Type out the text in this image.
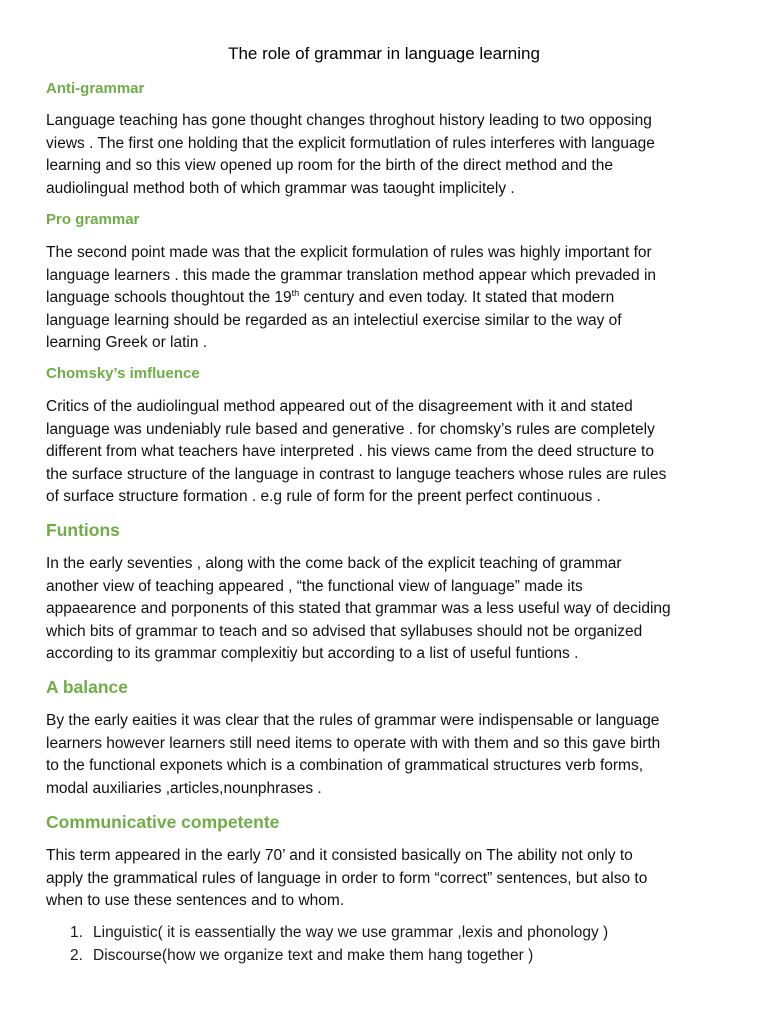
The role of grammar in language learning
Anti-grammar
Language teaching has gone thought changes throghout history leading to two opposing
views . The first one holding that the explicit formutlation of rules interferes with language
learning and so this view opened up room for the birth of the direct method and the
audiolingual method both of which grammar was taought implicitely .
Pro grammar
The second point made was that the explicit formulation of rules was highly important for
language learners . this made the grammar translation method appear which prevaded in
language schools thoughtout the 19th century and even today. It stated that modern
language learning should be regarded as an intelectiul exercise similar to the way of
learning Greek or latin .
Chomsky’s imfluence
Critics of the audiolingual method appeared out of the disagreement with it and stated
language was undeniably rule based and generative . for chomsky’s rules are completely
different from what teachers have interpreted . his views came from the deed structure to
the surface structure of the language in contrast to languge teachers whose rules are rules
of surface structure formation . e.g rule of form for the preent perfect continuous .
Funtions
In the early seventies , along with the come back of the explicit teaching of grammar
another view of teaching appeared , “the functional view of language” made its
appaearence and porponents of this stated that grammar was a less useful way of deciding
which bits of grammar to teach and so advised that syllabuses should not be organized
according to its grammar complexitiy but according to a list of useful funtions .
A balance
By the early eaities it was clear that the rules of grammar were indispensable or language
learners however learners still need items to operate with with them and so this gave birth
to the functional exponets which is a combination of grammatical structures verb forms,
modal auxiliaries ,articles,nounphrases .
Communicative competente
This term appeared in the early 70’ and it consisted basically on The ability not only to
apply the grammatical rules of language in order to form “correct” sentences, but also to
when to use these sentences and to whom.
1. Linguistic( it is eassentially the way we use grammar ,lexis and phonology )
2. Discourse(how we organize text and make them hang together )
